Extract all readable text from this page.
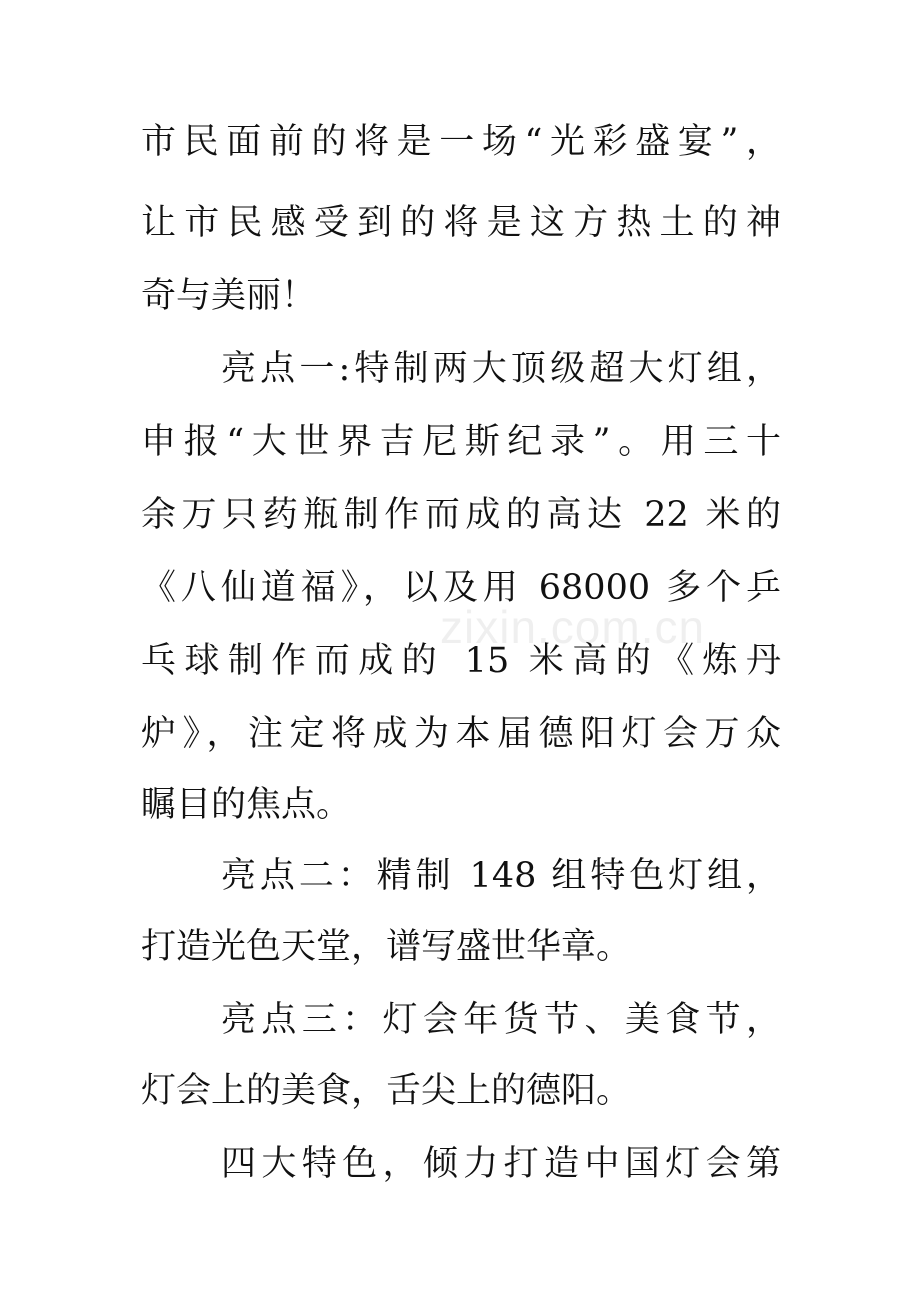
市民面前的将是一场“光彩盛宴”，
让市民感受到的将是这方热土的神
奇与美丽！
亮点一:特制两大顶级超大灯组，
申报“大世界吉尼斯纪录”。用三十
余万只药瓶制作而成的高达 22 米的
《八仙道福》，以及用 68000 多个乒
乓球制作而成的 15 米高的《炼丹
炉》，注定将成为本届德阳灯会万众
瞩目的焦点。
亮点二：精制 148 组特色灯组，
打造光色天堂，谱写盛世华章。
亮点三：灯会年货节、美食节，
灯会上的美食，舌尖上的德阳。
四大特色，倾力打造中国灯会第
zixin.com.cn
